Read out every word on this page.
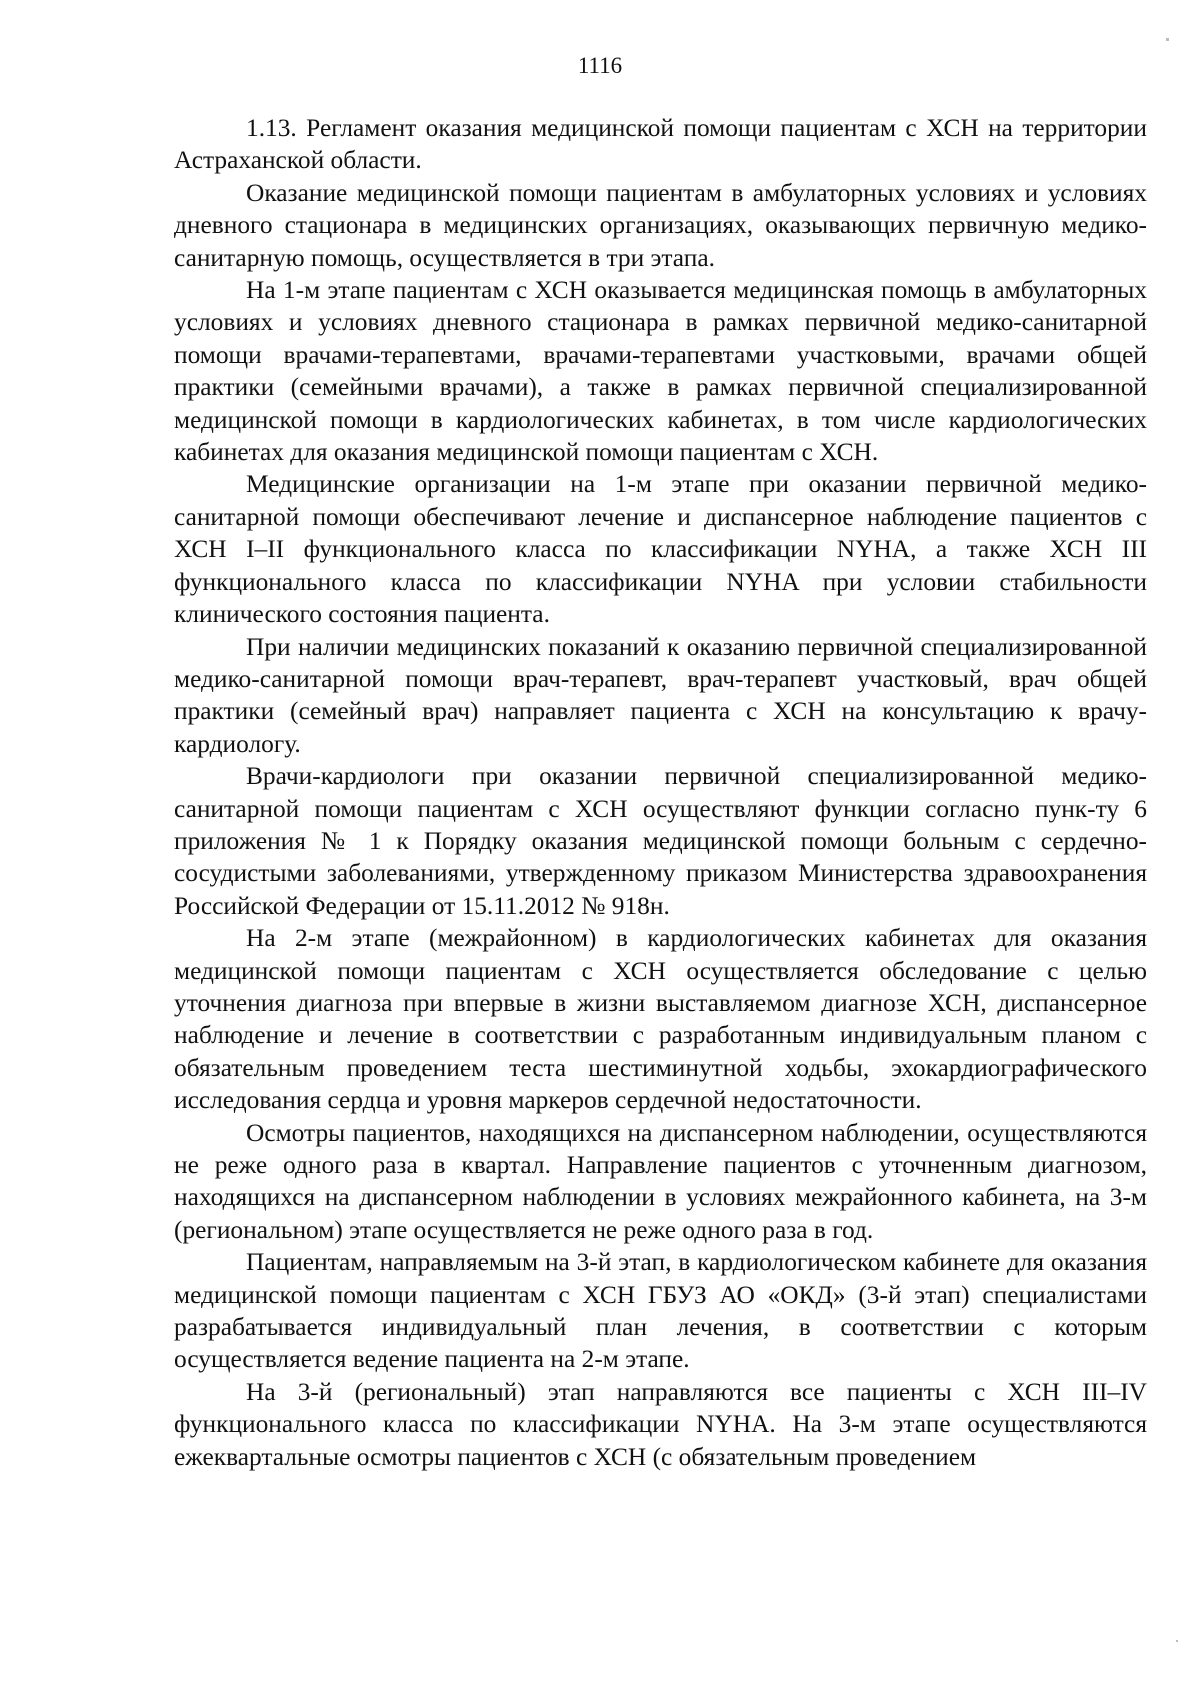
1116

1.13. Регламент оказания медицинской помощи пациентам с ХСН на территории Астраханской области.

Оказание медицинской помощи пациентам в амбулаторных условиях и условиях дневного стационара в медицинских организациях, оказывающих первичную медико-санитарную помощь, осуществляется в три этапа.

На 1-м этапе пациентам с ХСН оказывается медицинская помощь в амбулаторных условиях и условиях дневного стационара в рамках первичной медико-санитарной помощи врачами-терапевтами, врачами-терапевтами участковыми, врачами общей практики (семейными врачами), а также в рамках первичной специализированной медицинской помощи в кардиологических кабинетах, в том числе кардиологических кабинетах для оказания медицинской помощи пациентам с ХСН.

Медицинские организации на 1-м этапе при оказании первичной медико-санитарной помощи обеспечивают лечение и диспансерное наблюдение пациентов с ХСН I–II функционального класса по классификации NYHA, а также ХСН III функционального класса по классификации NYHA при условии стабильности клинического состояния пациента.

При наличии медицинских показаний к оказанию первичной специализированной медико-санитарной помощи врач-терапевт, врач-терапевт участковый, врач общей практики (семейный врач) направляет пациента с ХСН на консультацию к врачу-кардиологу.

Врачи-кардиологи при оказании первичной специализированной медико-санитарной помощи пациентам с ХСН осуществляют функции согласно пунк-ту 6 приложения № 1 к Порядку оказания медицинской помощи больным с сердечно-сосудистыми заболеваниями, утвержденному приказом Министерства здравоохранения Российской Федерации от 15.11.2012 № 918н.

На 2-м этапе (межрайонном) в кардиологических кабинетах для оказания медицинской помощи пациентам с ХСН осуществляется обследование с целью уточнения диагноза при впервые в жизни выставляемом диагнозе ХСН, диспансерное наблюдение и лечение в соответствии с разработанным индивидуальным планом с обязательным проведением теста шестиминутной ходьбы, эхокардиографического исследования сердца и уровня маркеров сердечной недостаточности.

Осмотры пациентов, находящихся на диспансерном наблюдении, осуществляются не реже одного раза в квартал. Направление пациентов с уточненным диагнозом, находящихся на диспансерном наблюдении в условиях межрайонного кабинета, на 3-м (региональном) этапе осуществляется не реже одного раза в год.

Пациентам, направляемым на 3-й этап, в кардиологическом кабинете для оказания медицинской помощи пациентам с ХСН ГБУЗ АО «ОКД» (3-й этап) специалистами разрабатывается индивидуальный план лечения, в соответствии с которым осуществляется ведение пациента на 2-м этапе.

На 3-й (региональный) этап направляются все пациенты с ХСН III–IV функционального класса по классификации NYHA. На 3-м этапе осуществляются ежеквартальные осмотры пациентов с ХСН (с обязательным проведением
